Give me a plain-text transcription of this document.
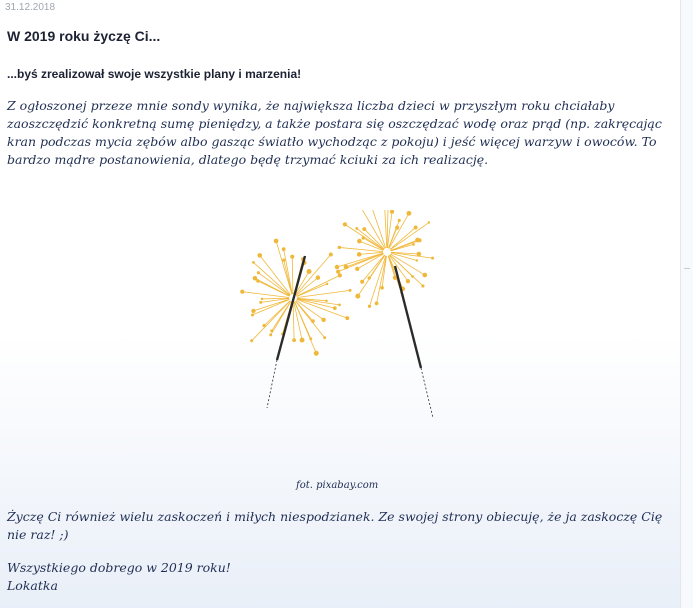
31.12.2018
W 2019 roku życzę Ci...
...byś zrealizował swoje wszystkie plany i marzenia!

Z ogłoszonej przeze mnie sondy wynika, że największa liczba dzieci w przyszłym roku chciałaby zaoszczędzić konkretną sumę pieniędzy, a także postara się oszczędzać wodę oraz prąd (np. zakręcając kran podczas mycia zębów albo gasząc światło wychodząc z pokoju) i jeść więcej warzyw i owoców. To bardzo mądre postanowienia, dlatego będę trzymać kciuki za ich realizację.

fot. pixabay.com

Życzę Ci również wielu zaskoczeń i miłych niespodzianek. Ze swojej strony obiecuję, że ja zaskoczę Cię nie raz! ;)

Wszystkiego dobrego w 2019 roku!

Lokatka
